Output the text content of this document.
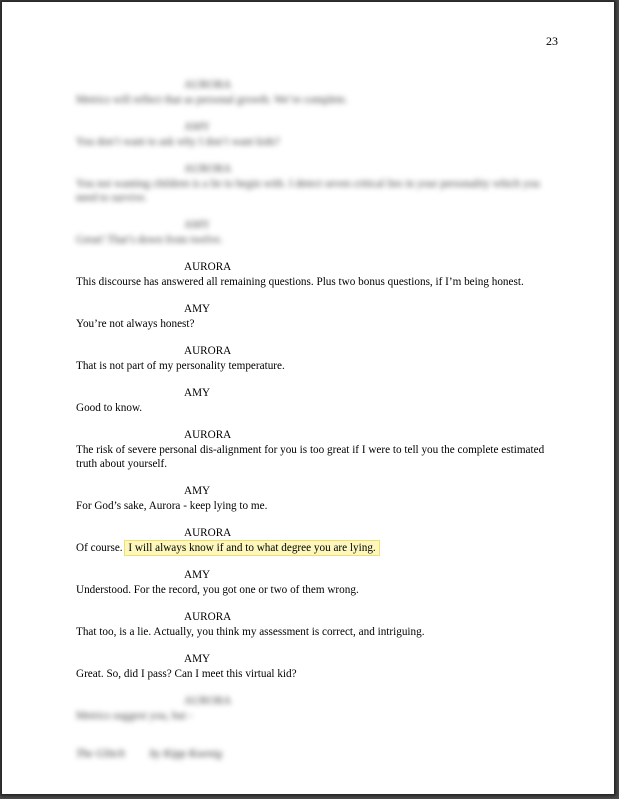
23
AURORA
Metrics will reflect that as personal growth. We’re complete.
AMY
You don’t want to ask why I don’t want kids?
AURORA
You not wanting children is a lie to begin with. I detect seven critical lies in your personality which you need to survive.
AMY
Great! That’s down from twelve.
AURORA
This discourse has answered all remaining questions. Plus two bonus questions, if I’m being honest.
AMY
You’re not always honest?
AURORA
That is not part of my personality temperature.
AMY
Good to know.
AURORA
The risk of severe personal dis-alignment for you is too great if I were to tell you the complete estimated truth about yourself.
AMY
For God’s sake, Aurora - keep lying to me.
AURORA
Of course. I will always know if and to what degree you are lying.
AMY
Understood. For the record, you got one or two of them wrong.
AURORA
That too, is a lie. Actually, you think my assessment is correct, and intriguing.
AMY
Great. So, did I pass? Can I meet this virtual kid?
AURORA
Metrics suggest you, but -
The Glitch by Kipp Koenig
